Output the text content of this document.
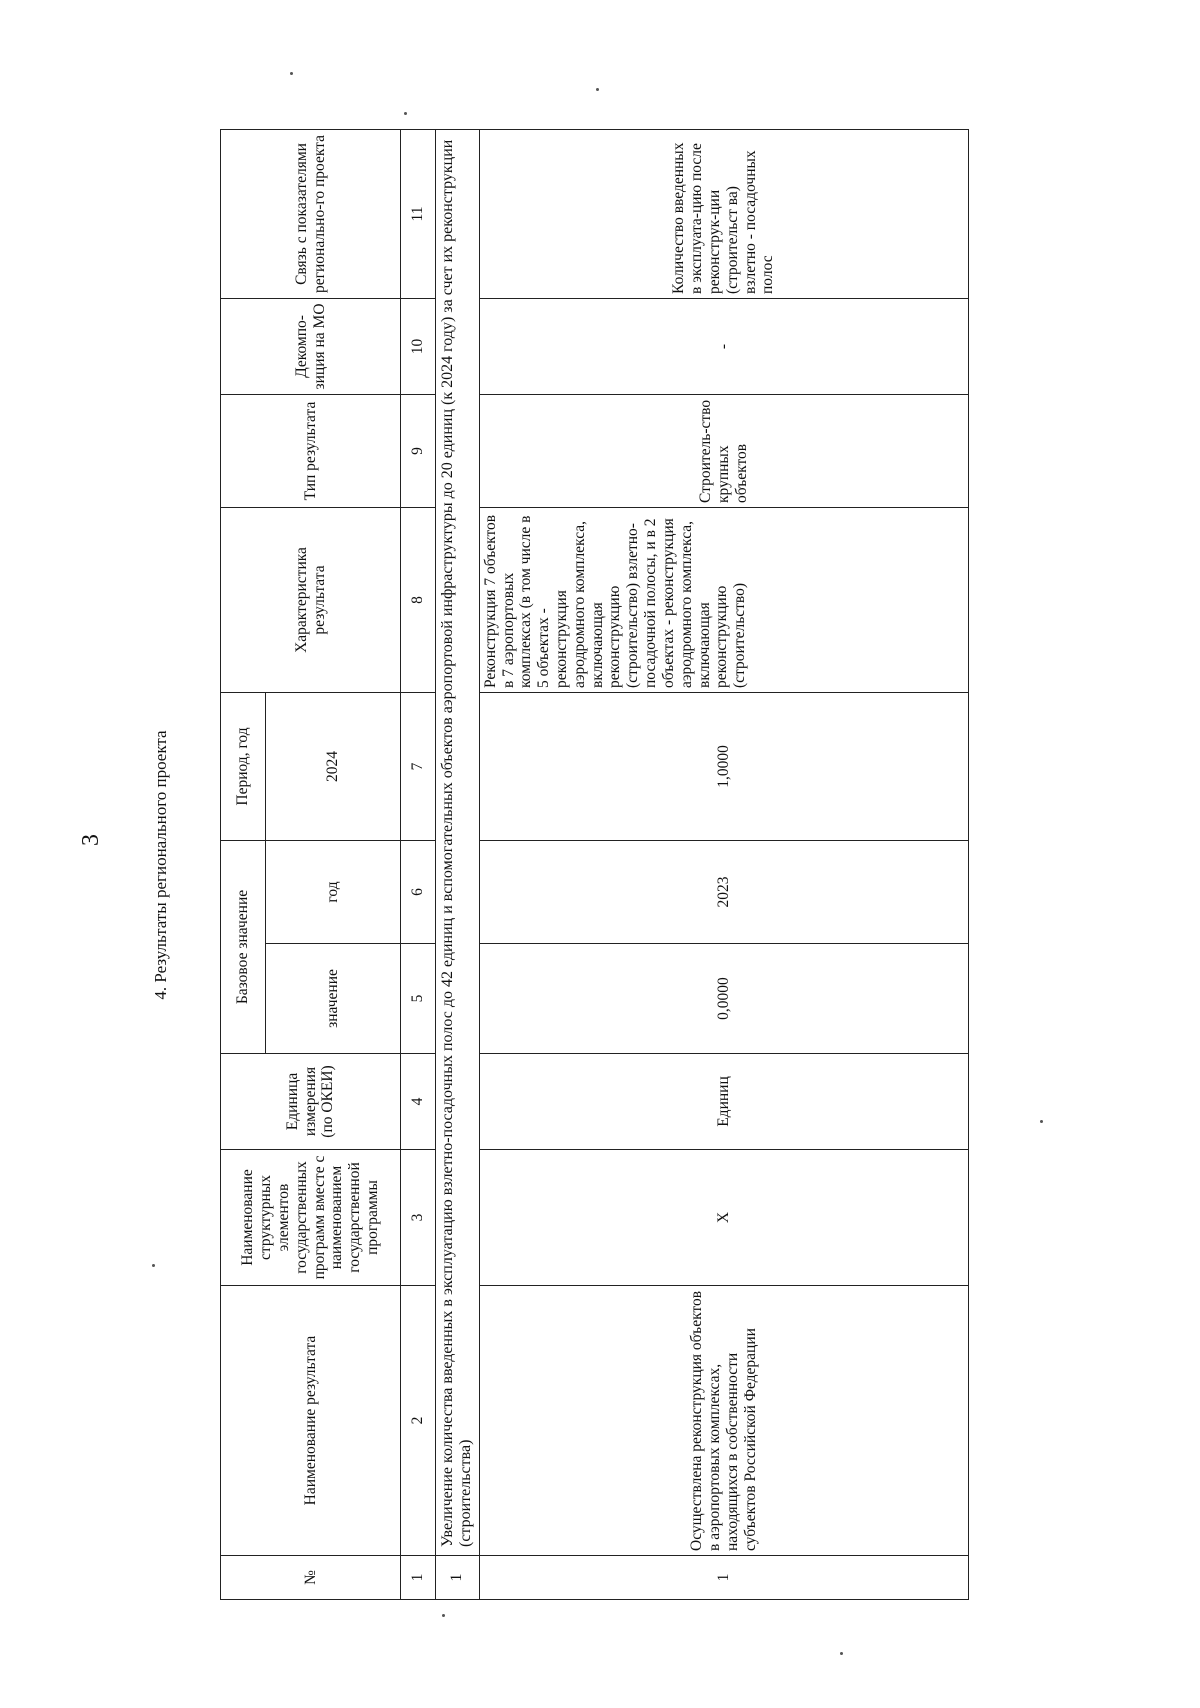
3	4. Результаты регионального проекта
№	Наименование результата	Наименование структурных элементов государственных программ вместе с наименованием государственной программы	Единица измерения (по ОКЕИ)	Базовое значение		Период, год	Характеристика результата	Тип результата	Декомпо-зиция на МО	Связь с показателями регионально-го проекта
				значение	год	2024				
1	2	3	4	5	6	7	8	9	10	11
1	Увеличение количества введенных в эксплуатацию взлетно-посадочных полос до 42 единиц и вспомогательных объектов аэропортовой инфраструктуры до 20 единиц (к 2024 году) за счет их реконструкции (строительства)									
1	Осуществлена реконструкция объектов в аэропортовых комплексах, находящихся в собственности субъектов Российской Федерации	X	Единиц	0,0000	2023	1,0000	Реконструкция 7 объектов в 7 аэропортовых комплексах (в том числе в 5 объектах - реконструкция аэродромного комплекса, включающая реконструкцию (строительство) взлетно-посадочной полосы, и в 2 объектах - реконструкция аэродромного комплекса, включающая реконструкцию (строительство)	Строитель-ство крупных объектов	-	Количество введенных в эксплуата-цию после реконструк-ции (строительст ва) взлетно - посадочных полос
